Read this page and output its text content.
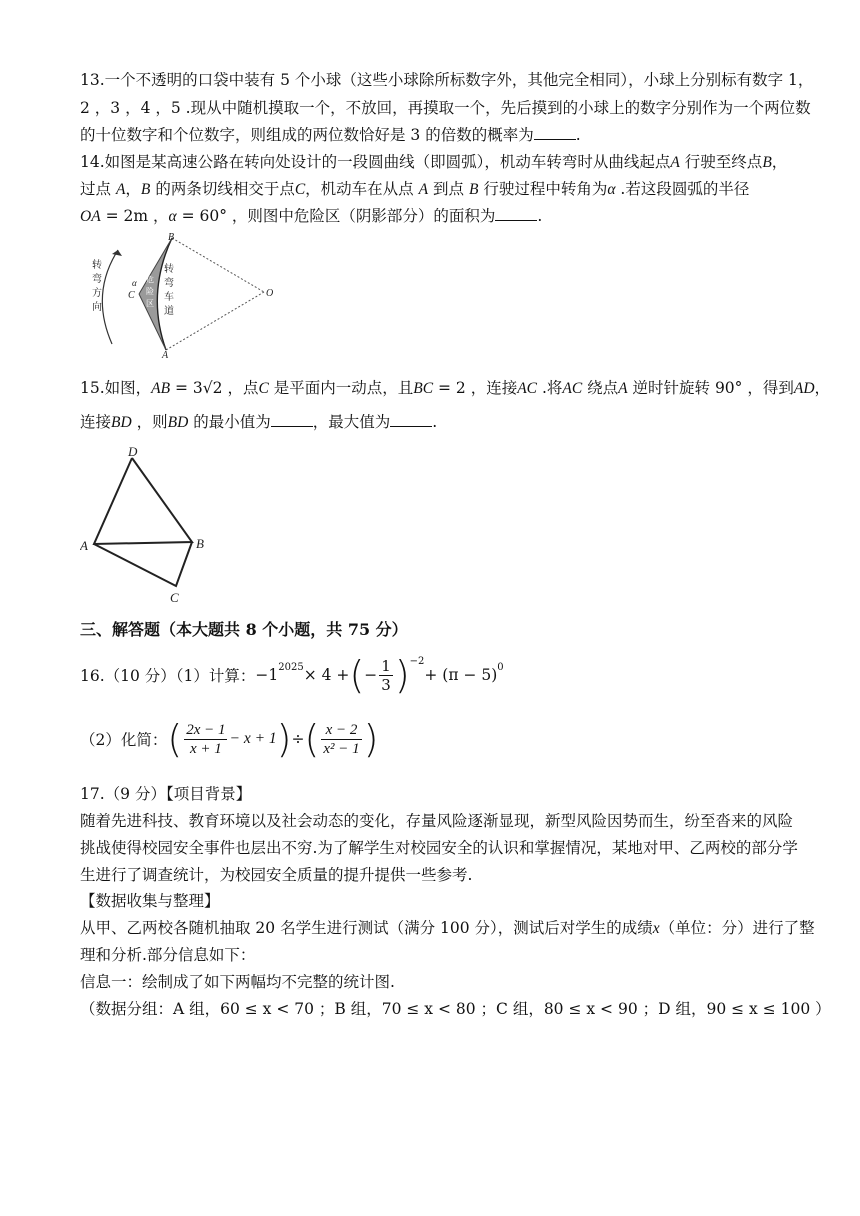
13.一个不透明的口袋中装有 5 个小球（这些小球除所标数字外，其他完全相同），小球上分别标有数字 1，
2 ，3 ，4 ，5 .现从中随机摸取一个，不放回，再摸取一个，先后摸到的小球上的数字分别作为一个两位数
的十位数字和个位数字，则组成的两位数恰好是 3 的倍数的概率为	.
14.如图是某高速公路在转向处设计的一段圆曲线（即圆弧），机动车转弯时从曲线起点A 行驶至终点B，
过点 A，B 的两条切线相交于点C，机动车在从点 A 到点 B 行驶过程中转角为α .若这段圆弧的半径
OA = 2m ，α = 60° ，则图中危险区（阴影部分）的面积为	.
B
A
C	O
α
转
弯
方
向
转
弯
车
道
危
险
区
15.如图，AB = 3√2 ，点C 是平面内一动点，且BC = 2 ，连接AC .将AC 绕点A 逆时针旋转 90° ，得到AD，
连接BD ，则BD 的最小值为	，最大值为	.
D
A	B
C
三、解答题（本大题共 8 个小题，共 75 分）
16.（10 分）（1）计算： $-1^{2025} \times 4$ + ( − $\frac{1}{3} )^{-2}$
+ $(\pi - 5)^0$
（2）化简： ( $\frac{2x - 1}{x + 1} - x + 1$ ) ÷ ( $\frac{x - 2}{\text{x² − 1}}$ )
17.（9 分）【项目背景】
随着先进科技、教育环境以及社会动态的变化，存量风险逐渐显现，新型风险因势而生，纷至沓来的风险
挑战使得校园安全事件也层出不穷.为了解学生对校园安全的认识和掌握情况，某地对甲、乙两校的部分学
生进行了调查统计，为校园安全质量的提升提供一些参考.
【数据收集与整理】
从甲、乙两校各随机抽取 20 名学生进行测试（满分 100 分），测试后对学生的成绩x（单位：分）进行了整
理和分析.部分信息如下：
信息一：绘制成了如下两幅均不完整的统计图.
（数据分组：A 组，60 ≤ x < 70 ；B 组，70 ≤ x < 80 ；C 组，80 ≤ x < 90 ；D 组，90 ≤ x ≤ 100 ）
